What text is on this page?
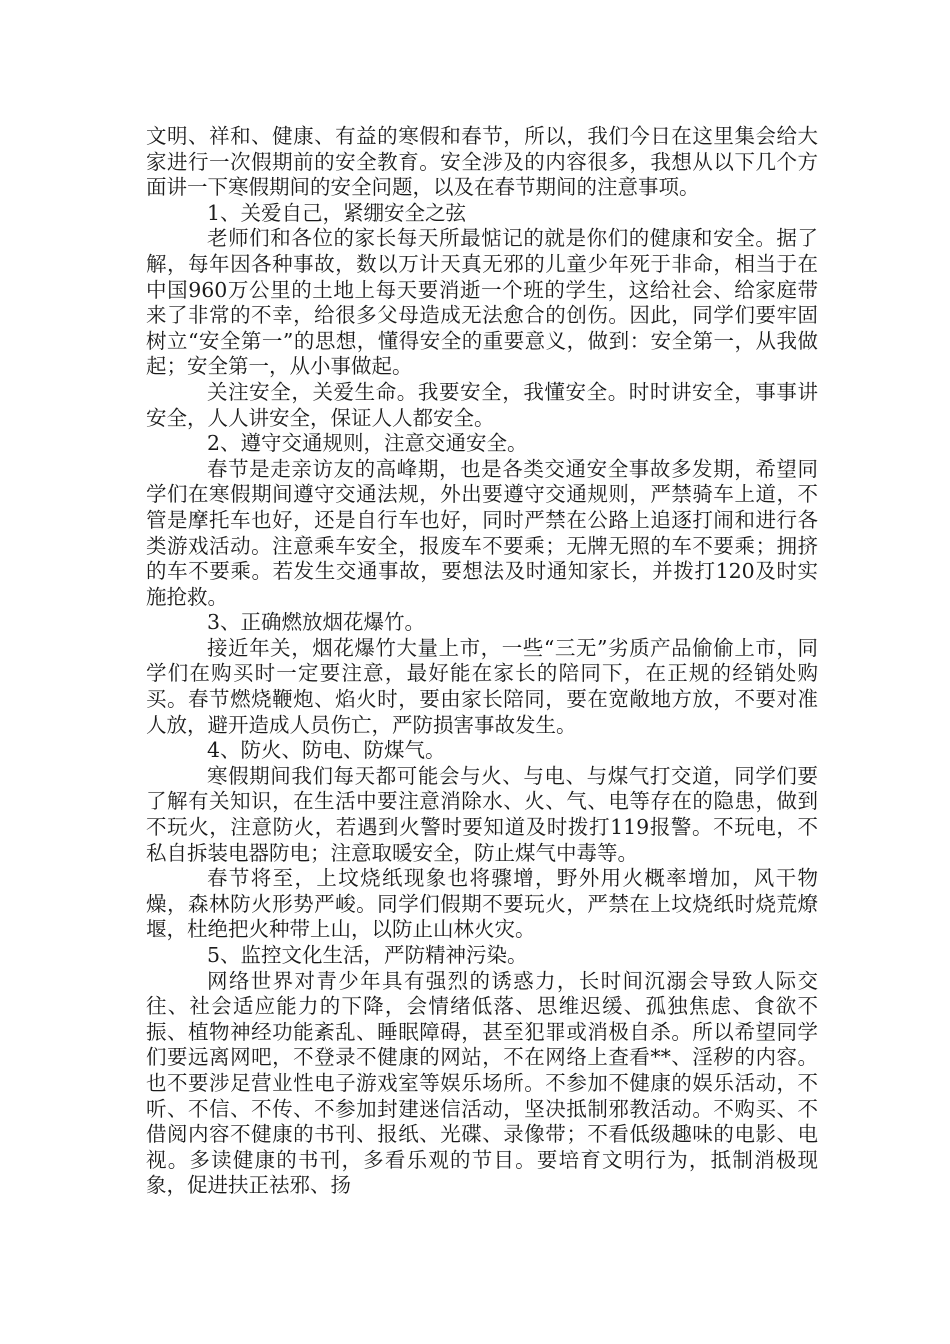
文明、祥和、健康、有益的寒假和春节，所以，我们今日在这里集会给大家进行一次假期前的安全教育。安全涉及的内容很多，我想从以下几个方面讲一下寒假期间的安全问题，以及在春节期间的注意事项。

1、关爱自己，紧绷安全之弦

老师们和各位的家长每天所最惦记的就是你们的健康和安全。据了解，每年因各种事故，数以万计天真无邪的儿童少年死于非命，相当于在中国960万公里的土地上每天要消逝一个班的学生，这给社会、给家庭带来了非常的不幸，给很多父母造成无法愈合的创伤。因此，同学们要牢固树立“安全第一”的思想，懂得安全的重要意义，做到：安全第一，从我做起；安全第一，从小事做起。

关注安全，关爱生命。我要安全，我懂安全。时时讲安全，事事讲安全，人人讲安全，保证人人都安全。

2、遵守交通规则，注意交通安全。

春节是走亲访友的高峰期，也是各类交通安全事故多发期，希望同学们在寒假期间遵守交通法规，外出要遵守交通规则，严禁骑车上道，不管是摩托车也好，还是自行车也好，同时严禁在公路上追逐打闹和进行各类游戏活动。注意乘车安全，报废车不要乘；无牌无照的车不要乘；拥挤的车不要乘。若发生交通事故，要想法及时通知家长，并拨打120及时实施抢救。

3、正确燃放烟花爆竹。

接近年关，烟花爆竹大量上市，一些“三无”劣质产品偷偷上市，同学们在购买时一定要注意，最好能在家长的陪同下，在正规的经销处购买。春节燃烧鞭炮、焰火时，要由家长陪同，要在宽敞地方放，不要对准人放，避开造成人员伤亡，严防损害事故发生。

4、防火、防电、防煤气。

寒假期间我们每天都可能会与火、与电、与煤气打交道，同学们要了解有关知识，在生活中要注意消除水、火、气、电等存在的隐患，做到不玩火，注意防火，若遇到火警时要知道及时拨打119报警。不玩电，不私自拆装电器防电；注意取暖安全，防止煤气中毒等。

春节将至，上坟烧纸现象也将骤增，野外用火概率增加，风干物燥，森林防火形势严峻。同学们假期不要玩火，严禁在上坟烧纸时烧荒燎堰，杜绝把火种带上山，以防止山林火灾。

5、监控文化生活，严防精神污染。

网络世界对青少年具有强烈的诱惑力，长时间沉溺会导致人际交往、社会适应能力的下降，会情绪低落、思维迟缓、孤独焦虑、食欲不振、植物神经功能紊乱、睡眠障碍，甚至犯罪或消极自杀。所以希望同学们要远离网吧，不登录不健康的网站，不在网络上查看**、淫秽的内容。也不要涉足营业性电子游戏室等娱乐场所。不参加不健康的娱乐活动，不听、不信、不传、不参加封建迷信活动，坚决抵制邪教活动。不购买、不借阅内容不健康的书刊、报纸、光碟、录像带；不看低级趣味的电影、电视。多读健康的书刊，多看乐观的节目。要培育文明行为，抵制消极现象，促进扶正祛邪、扬
